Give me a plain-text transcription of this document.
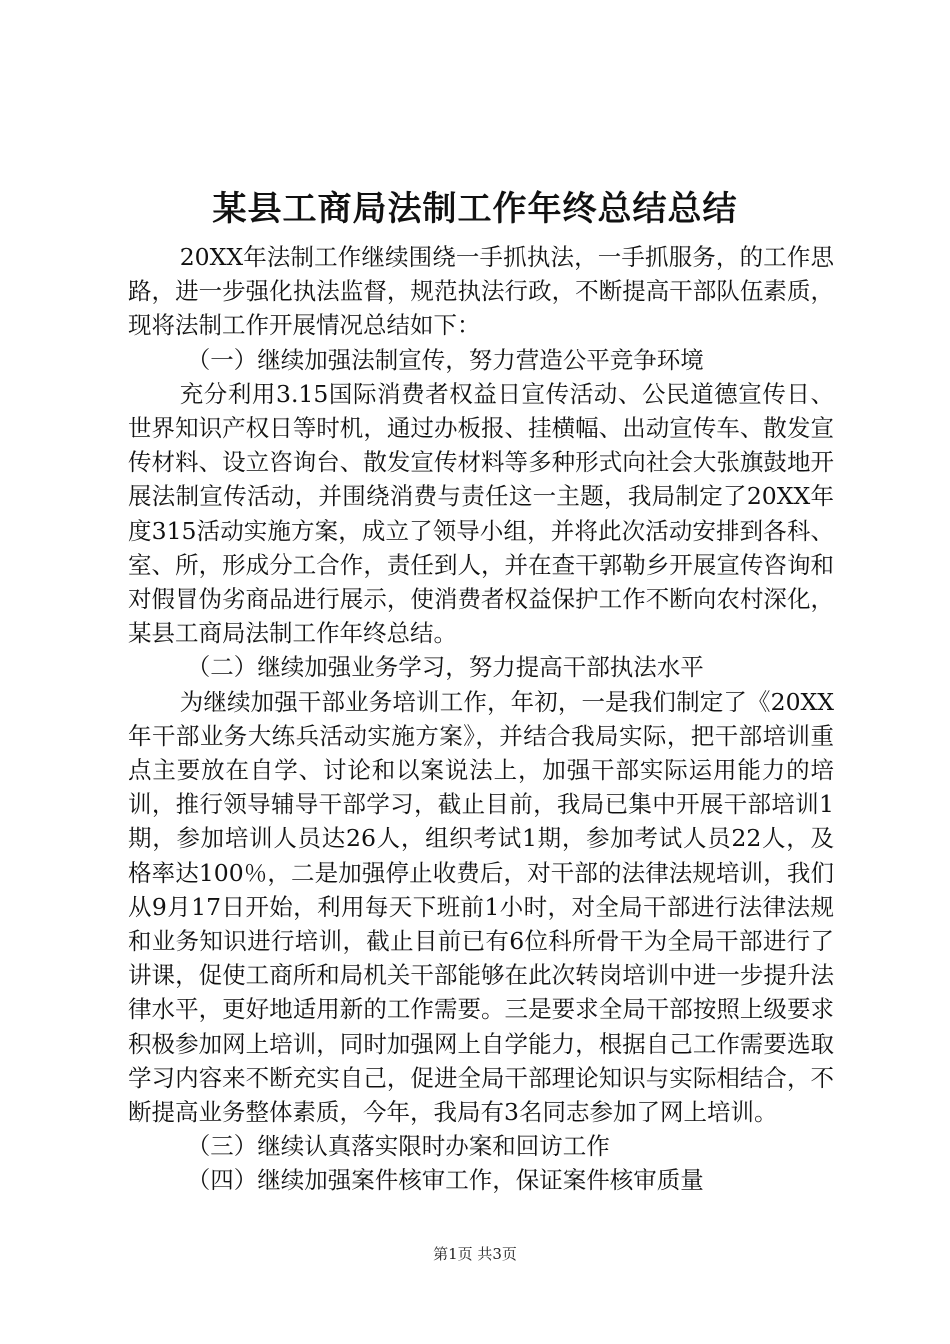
某县工商局法制工作年终总结总结

20XX年法制工作继续围绕一手抓执法，一手抓服务，的工作思路，进一步强化执法监督，规范执法行政，不断提高干部队伍素质，现将法制工作开展情况总结如下：

（一）继续加强法制宣传，努力营造公平竞争环境

充分利用3.15国际消费者权益日宣传活动、公民道德宣传日、世界知识产权日等时机，通过办板报、挂横幅、出动宣传车、散发宣传材料、设立咨询台、散发宣传材料等多种形式向社会大张旗鼓地开展法制宣传活动，并围绕消费与责任这一主题，我局制定了20XX年度315活动实施方案，成立了领导小组，并将此次活动安排到各科、室、所，形成分工合作，责任到人，并在查干郭勒乡开展宣传咨询和对假冒伪劣商品进行展示，使消费者权益保护工作不断向农村深化，某县工商局法制工作年终总结。

（二）继续加强业务学习，努力提高干部执法水平

为继续加强干部业务培训工作，年初，一是我们制定了《20XX年干部业务大练兵活动实施方案》，并结合我局实际，把干部培训重点主要放在自学、讨论和以案说法上，加强干部实际运用能力的培训，推行领导辅导干部学习，截止目前，我局已集中开展干部培训1期，参加培训人员达26人，组织考试1期，参加考试人员22人，及格率达100％，二是加强停止收费后，对干部的法律法规培训，我们从9月17日开始，利用每天下班前1小时，对全局干部进行法律法规和业务知识进行培训，截止目前已有6位科所骨干为全局干部进行了讲课，促使工商所和局机关干部能够在此次转岗培训中进一步提升法律水平，更好地适用新的工作需要。三是要求全局干部按照上级要求积极参加网上培训，同时加强网上自学能力，根据自己工作需要选取学习内容来不断充实自己，促进全局干部理论知识与实际相结合，不断提高业务整体素质，今年，我局有3名同志参加了网上培训。

（三）继续认真落实限时办案和回访工作

（四）继续加强案件核审工作，保证案件核审质量

第1页 共3页
